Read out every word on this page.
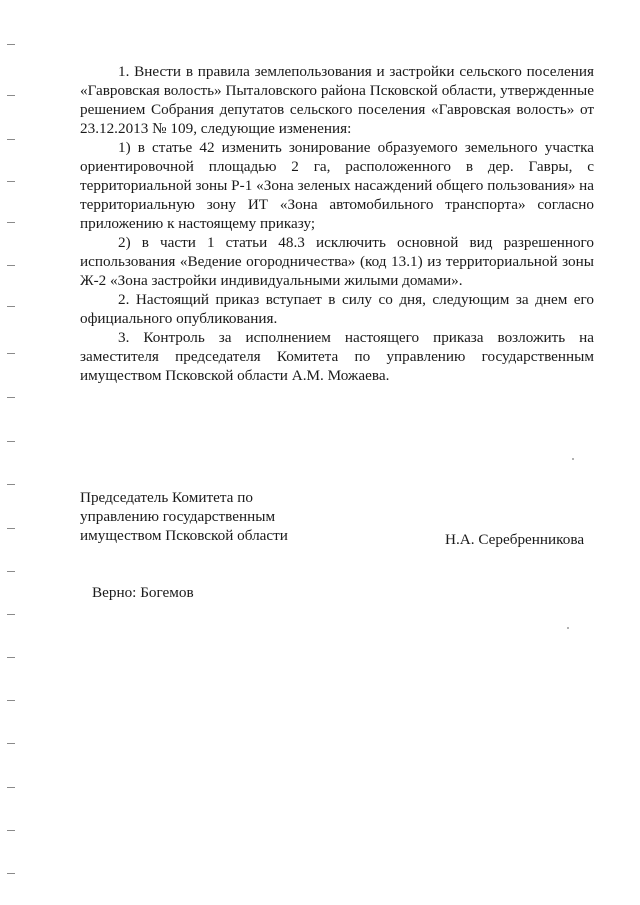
1. Внести в правила землепользования и застройки сельского поселения «Гавровская волость» Пыталовского района Псковской области, утвержденные решением Собрания депутатов сельского поселения «Гавровская волость» от 23.12.2013 № 109, следующие изменения:

1) в статье 42 изменить зонирование образуемого земельного участка ориентировочной площадью 2 га, расположенного в дер. Гавры, с территориальной зоны Р-1 «Зона зеленых насаждений общего пользования» на территориальную зону ИТ «Зона автомобильного транспорта» согласно приложению к настоящему приказу;

2) в части 1 статьи 48.3 исключить основной вид разрешенного использования «Ведение огородничества» (код 13.1) из территориальной зоны Ж-2 «Зона застройки индивидуальными жилыми домами».

2. Настоящий приказ вступает в силу со дня, следующим за днем его официального опубликования.

3. Контроль за исполнением настоящего приказа возложить на заместителя председателя Комитета по управлению государственным имуществом Псковской области А.М. Можаева.

Председатель Комитета по
управлению государственным
имуществом Псковской области	Н.А. Серебренникова
Верно: Богемов
